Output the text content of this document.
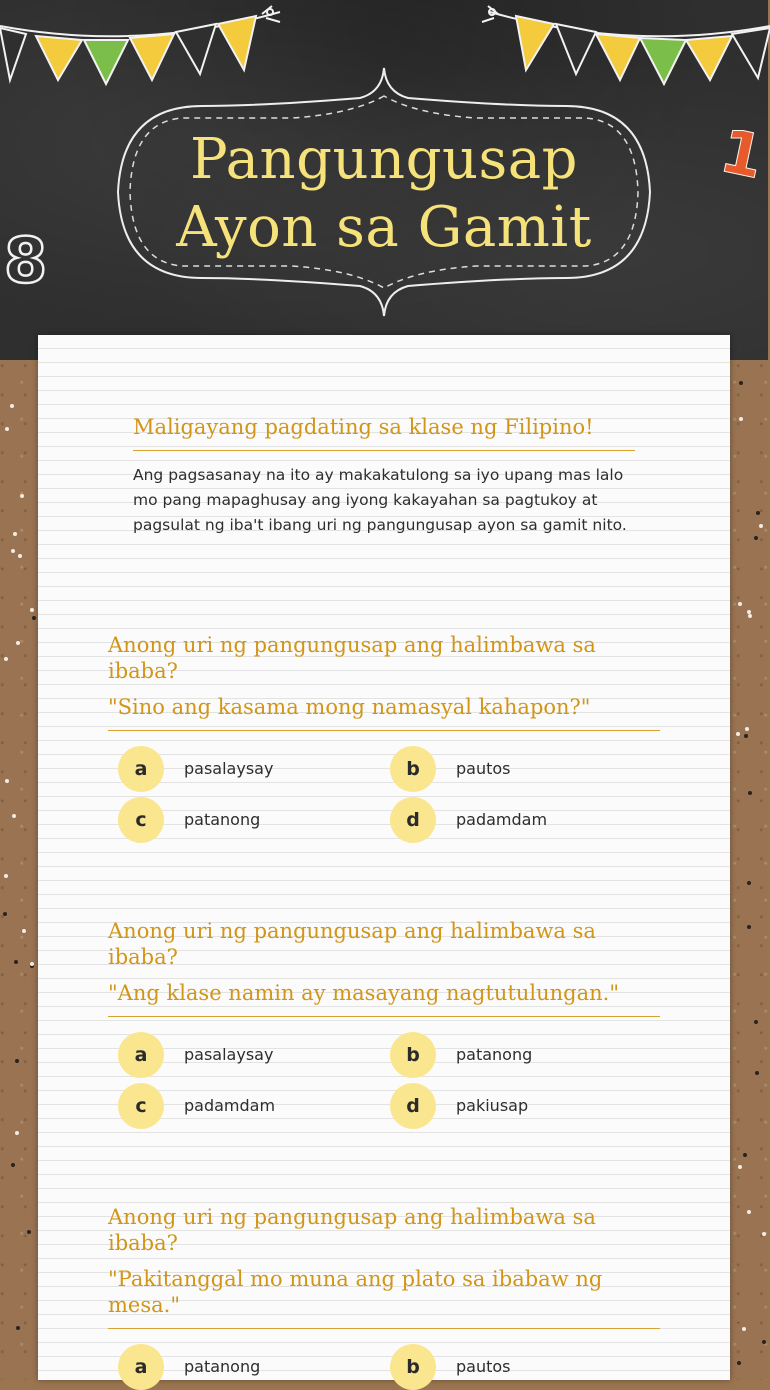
Pangungusap
Ayon sa Gamit
8
1
Maligayang pagdating sa klase ng Filipino!

Ang pagsasanay na ito ay makakatulong sa iyo upang mas lalo mo pang mapaghusay ang iyong kakayahan sa pagtukoy at pagsulat ng iba't ibang uri ng pangungusap ayon sa gamit nito.

Anong uri ng pangungusap ang halimbawa sa ibaba?
"Sino ang kasama mong namasyal kahapon?"
a	pasalaysay	b	pautos
c	patanong	d	padamdam
Anong uri ng pangungusap ang halimbawa sa ibaba?
"Ang klase namin ay masayang nagtutulungan."
a	pasalaysay	b	patanong
c	padamdam	d	pakiusap
Anong uri ng pangungusap ang halimbawa sa ibaba?
"Pakitanggal mo muna ang plato sa ibabaw ng mesa."
a	patanong	b	pautos
